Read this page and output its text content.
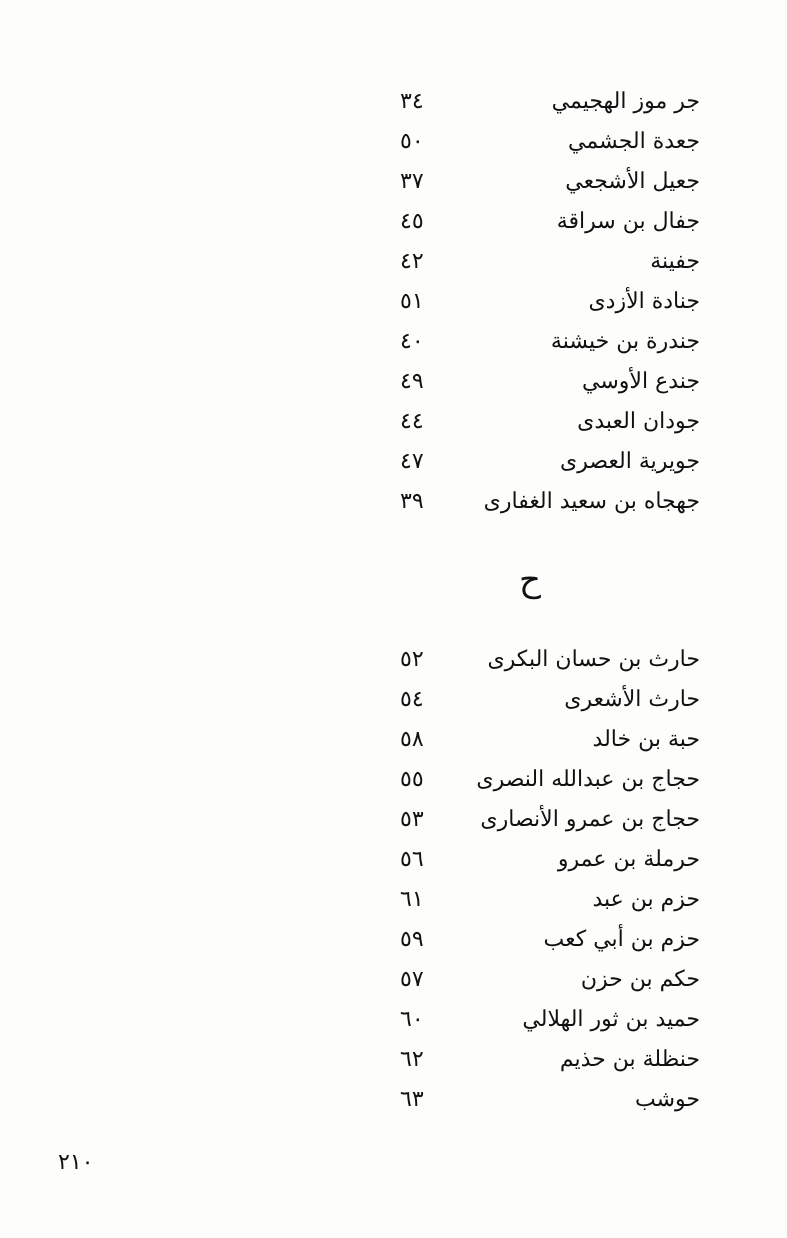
جر موز الهجيمي
٣٤
جعدة الجشمي
٥٠
جعيل الأشجعي
٣٧
جفال بن سراقة
٤٥
جفينة
٤٢
جنادة الأزدى
٥١
جندرة بن خيشنة
٤٠
جندع الأوسي
٤٩
جودان العبدى
٤٤
جويرية العصرى
٤٧
جهجاه بن سعيد الغفارى
٣٩
ح
حارث بن حسان البكرى
٥٢
حارث الأشعرى
٥٤
حبة بن خالد
٥٨
حجاج بن عبدالله النصرى
٥٥
حجاج بن عمرو الأنصارى
٥٣
حرملة بن عمرو
٥٦
حزم بن عبد
٦١
حزم بن أبي كعب
٥٩
حكم بن حزن
٥٧
حميد بن ثور الهلالي
٦٠
حنظلة بن حذيم
٦٢
حوشب
٦٣
٢١٠
